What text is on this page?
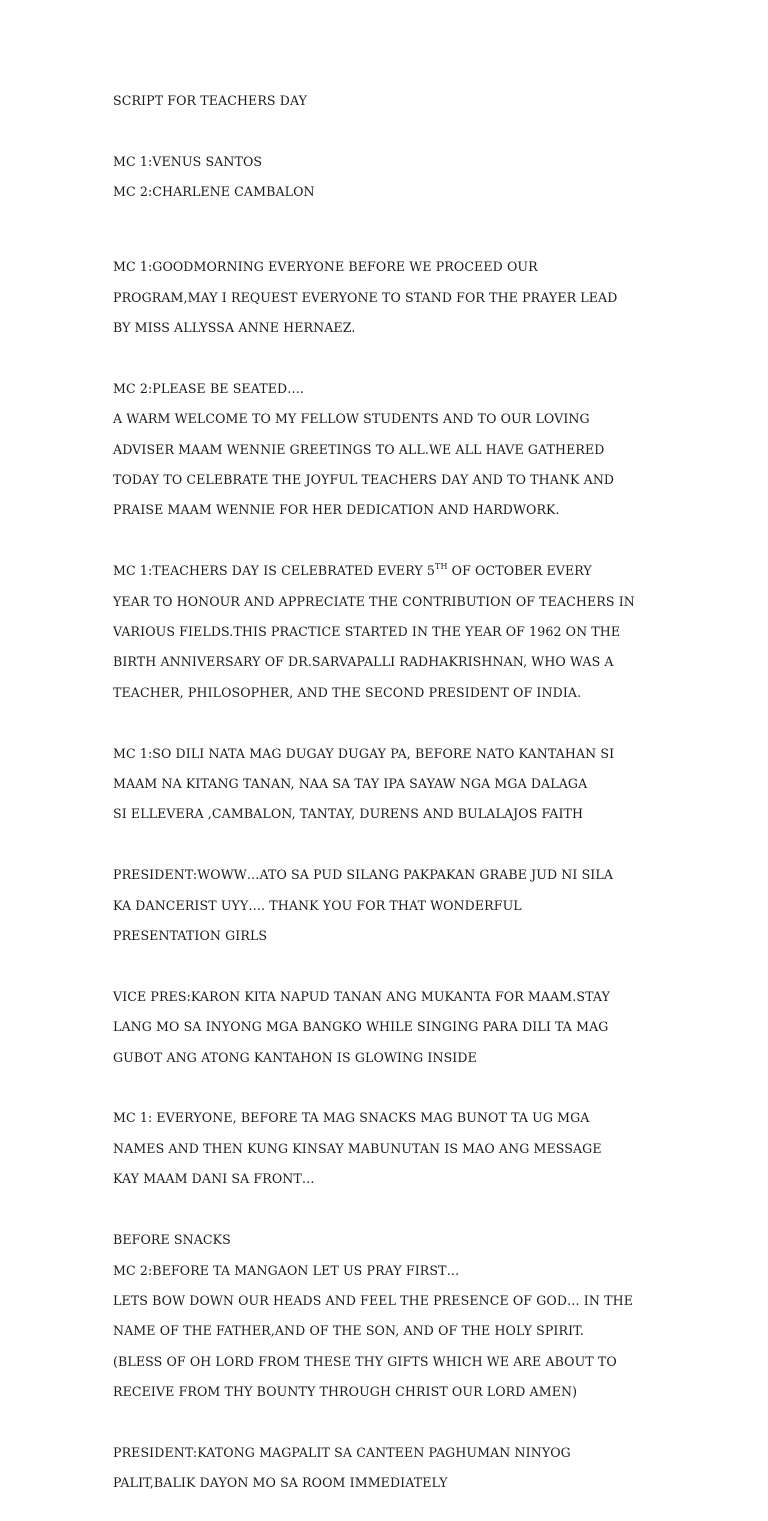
SCRIPT FOR TEACHERS DAY

MC 1:VENUS SANTOS

MC 2:CHARLENE CAMBALON

MC 1:GOODMORNING EVERYONE BEFORE WE PROCEED OUR

PROGRAM,MAY I REQUEST EVERYONE TO STAND FOR THE PRAYER LEAD

BY MISS ALLYSSA ANNE HERNAEZ.

MC 2:PLEASE BE SEATED….

A WARM WELCOME TO MY FELLOW STUDENTS AND TO OUR LOVING

ADVISER MAAM WENNIE GREETINGS TO ALL.WE ALL HAVE GATHERED

TODAY TO CELEBRATE THE JOYFUL TEACHERS DAY AND TO THANK AND

PRAISE MAAM WENNIE FOR HER DEDICATION AND HARDWORK.

MC 1:TEACHERS DAY IS CELEBRATED EVERY 5TH OF OCTOBER EVERY

YEAR TO HONOUR AND APPRECIATE THE CONTRIBUTION OF TEACHERS IN

VARIOUS FIELDS.THIS PRACTICE STARTED IN THE YEAR OF 1962 ON THE

BIRTH ANNIVERSARY OF DR.SARVAPALLI RADHAKRISHNAN, WHO WAS A

TEACHER, PHILOSOPHER, AND THE SECOND PRESIDENT OF INDIA.

MC 1:SO DILI NATA MAG DUGAY DUGAY PA, BEFORE NATO KANTAHAN SI

MAAM NA KITANG TANAN, NAA SA TAY IPA SAYAW NGA MGA DALAGA

SI ELLEVERA ,CAMBALON, TANTAY, DURENS AND BULALAJOS FAITH

PRESIDENT:WOWW…ATO SA PUD SILANG PAKPAKAN GRABE JUD NI SILA

KA DANCERIST UYY…. THANK YOU FOR THAT WONDERFUL

PRESENTATION GIRLS

VICE PRES:KARON KITA NAPUD TANAN ANG MUKANTA FOR MAAM.STAY

LANG MO SA INYONG MGA BANGKO WHILE SINGING PARA DILI TA MAG

GUBOT ANG ATONG KANTAHON IS GLOWING INSIDE

MC 1: EVERYONE, BEFORE TA MAG SNACKS MAG BUNOT TA UG MGA

NAMES AND THEN KUNG KINSAY MABUNUTAN IS MAO ANG MESSAGE

KAY MAAM DANI SA FRONT…

BEFORE SNACKS

MC 2:BEFORE TA MANGAON LET US PRAY FIRST…

LETS BOW DOWN OUR HEADS AND FEEL THE PRESENCE OF GOD… IN THE

NAME OF THE FATHER,AND OF THE SON, AND OF THE HOLY SPIRIT.

(BLESS OF OH LORD FROM THESE THY GIFTS WHICH WE ARE ABOUT TO

RECEIVE FROM THY BOUNTY THROUGH CHRIST OUR LORD AMEN)

PRESIDENT:KATONG MAGPALIT SA CANTEEN PAGHUMAN NINYOG

PALIT,BALIK DAYON MO SA ROOM IMMEDIATELY
